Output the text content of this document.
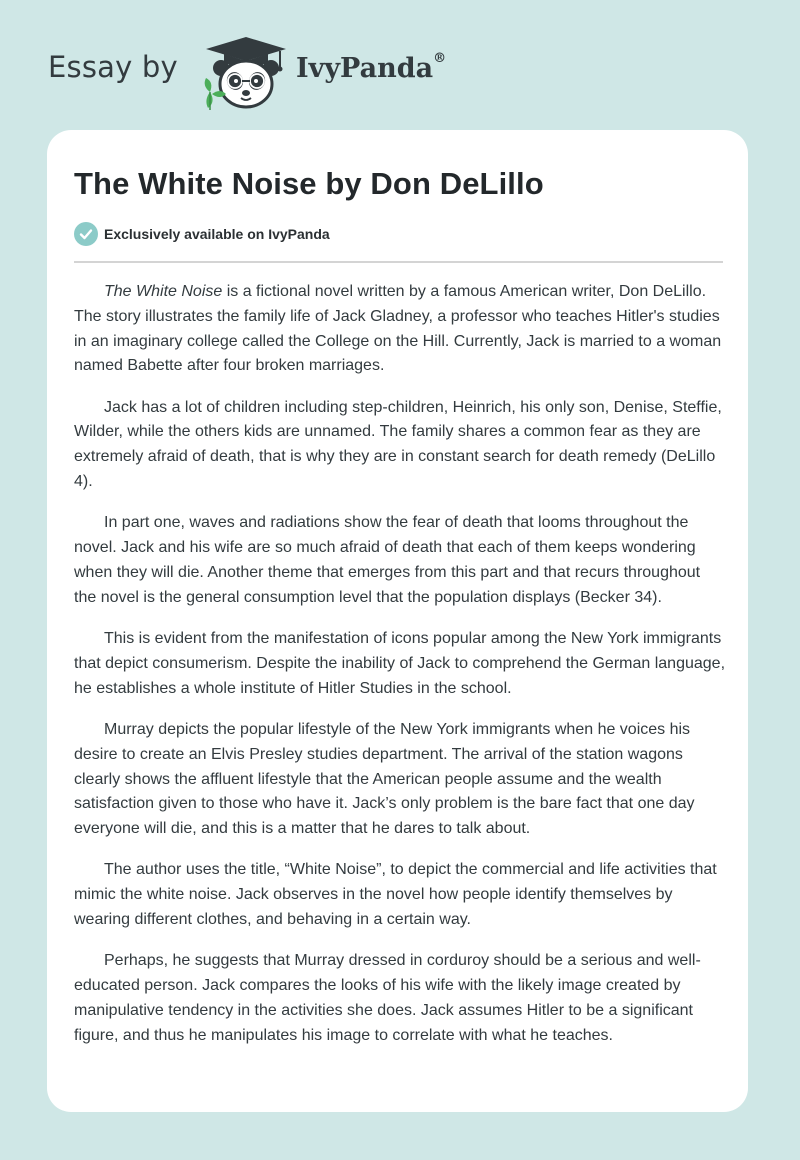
Essay by	IvyPanda®
The White Noise by Don DeLillo
Exclusively available on IvyPanda

The White Noise is a fictional novel written by a famous American writer, Don DeLillo. The story illustrates the family life of Jack Gladney, a professor who teaches Hitler's studies in an imaginary college called the College on the Hill. Currently, Jack is married to a woman named Babette after four broken marriages.

Jack has a lot of children including step-children, Heinrich, his only son, Denise, Steffie, Wilder, while the others kids are unnamed. The family shares a common fear as they are extremely afraid of death, that is why they are in constant search for death remedy (DeLillo 4).

In part one, waves and radiations show the fear of death that looms throughout the novel. Jack and his wife are so much afraid of death that each of them keeps wondering when they will die. Another theme that emerges from this part and that recurs throughout the novel is the general consumption level that the population displays (Becker 34).

This is evident from the manifestation of icons popular among the New York immigrants that depict consumerism. Despite the inability of Jack to comprehend the German language, he establishes a whole institute of Hitler Studies in the school.

Murray depicts the popular lifestyle of the New York immigrants when he voices his desire to create an Elvis Presley studies department. The arrival of the station wagons clearly shows the affluent lifestyle that the American people assume and the wealth satisfaction given to those who have it. Jack’s only problem is the bare fact that one day everyone will die, and this is a matter that he dares to talk about.

The author uses the title, “White Noise”, to depict the commercial and life activities that mimic the white noise. Jack observes in the novel how people identify themselves by wearing different clothes, and behaving in a certain way.

Perhaps, he suggests that Murray dressed in corduroy should be a serious and well-educated person. Jack compares the looks of his wife with the likely image created by manipulative tendency in the activities she does. Jack assumes Hitler to be a significant figure, and thus he manipulates his image to correlate with what he teaches.
